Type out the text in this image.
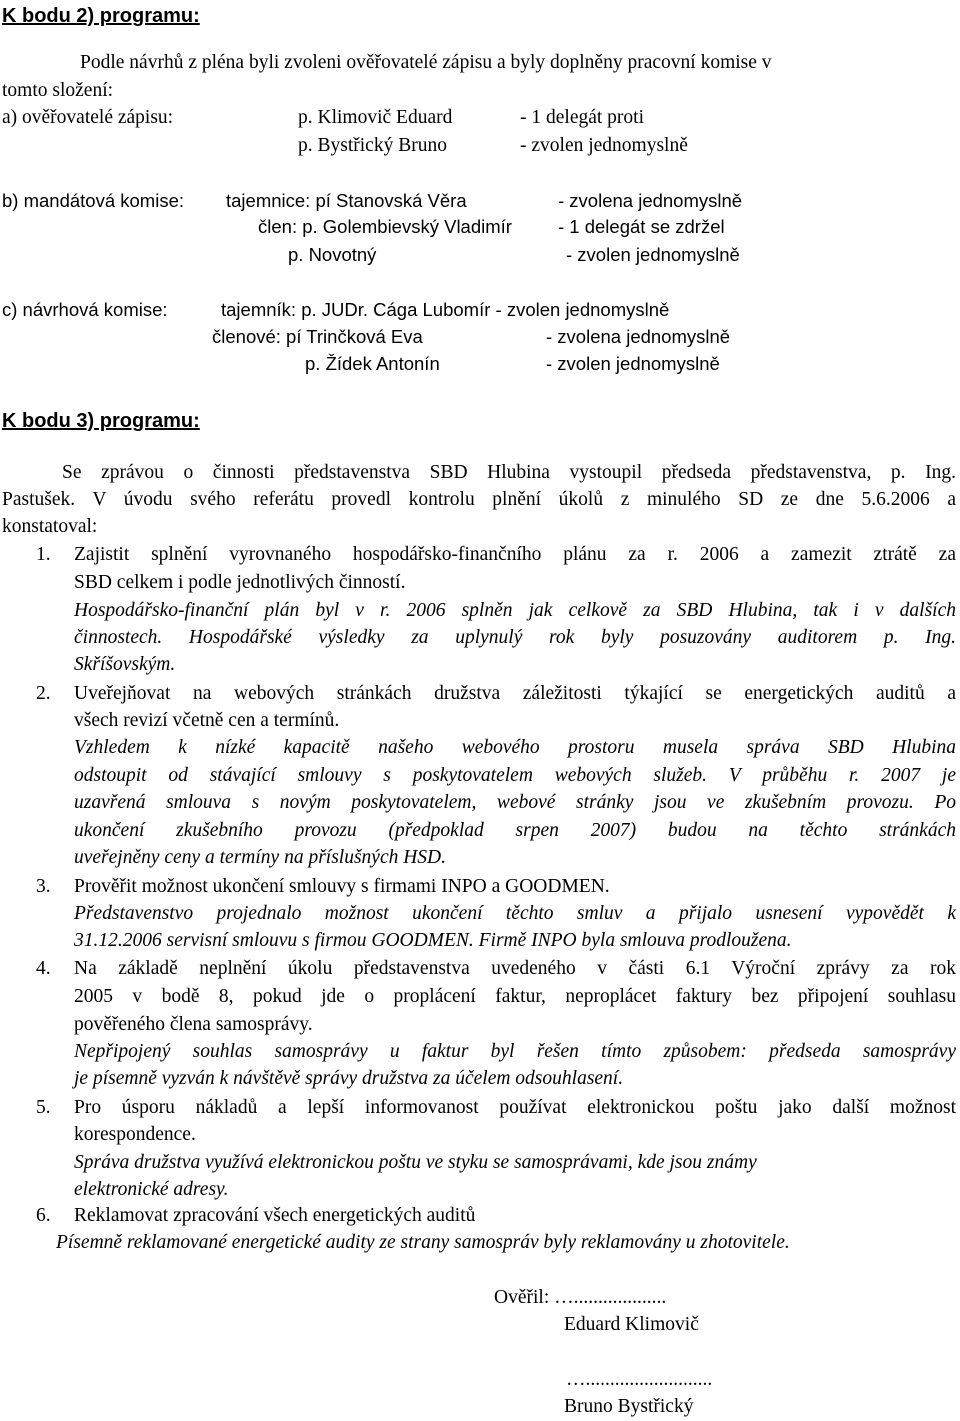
K bodu 2) programu:
Podle návrhů z pléna byli zvoleni ověřovatelé zápisu a byly doplněny pracovní komise v
tomto složení:
a) ověřovatelé zápisu:	p. Klimovič Eduard	- 1 delegát proti
p. Bystřický Bruno	- zvolen jednomyslně
b) mandátová komise: tajemnice: pí Stanovská Věra	- zvolena jednomyslně
člen: p. Golembievský Vladimír - 1 delegát se zdržel
p. Novotný	- zvolen jednomyslně
c) návrhová komise:	tajemník: p. JUDr. Cága Lubomír - zvolen jednomyslně
členové: pí Trinčková Eva	- zvolena jednomyslně
p. Žídek Antonín	- zvolen jednomyslně
K bodu 3) programu:
Se zprávou o činnosti představenstva SBD Hlubina vystoupil předseda představenstva, p. Ing.
Pastušek. V úvodu svého referátu provedl kontrolu plnění úkolů z minulého SD ze dne 5.6.2006 a
konstatoval:
1. Zajistit splnění vyrovnaného hospodářsko-finančního plánu za r. 2006 a zamezit ztrátě za
SBD celkem i podle jednotlivých činností.
Hospodářsko-finanční plán byl v r. 2006 splněn jak celkově za SBD Hlubina, tak i v dalších
činnostech. Hospodářské výsledky za uplynulý rok byly posuzovány auditorem p. Ing.
Skříšovským.
2. Uveřejňovat na webových stránkách družstva záležitosti týkající se energetických auditů a
všech revizí včetně cen a termínů.
Vzhledem k nízké kapacitě našeho webového prostoru musela správa SBD Hlubina
odstoupit od stávající smlouvy s poskytovatelem webových služeb. V průběhu r. 2007 je
uzavřená smlouva s novým poskytovatelem, webové stránky jsou ve zkušebním provozu. Po
ukončení zkušebního provozu (předpoklad srpen 2007) budou na těchto stránkách
uveřejněny ceny a termíny na příslušných HSD.
3. Prověřit možnost ukončení smlouvy s firmami INPO a GOODMEN.
Představenstvo projednalo možnost ukončení těchto smluv a přijalo usnesení vypovědět k
31.12.2006 servisní smlouvu s firmou GOODMEN. Firmě INPO byla smlouva prodloužena.
4. Na základě neplnění úkolu představenstva uvedeného v části 6.1 Výroční zprávy za rok
2005 v bodě 8, pokud jde o proplácení faktur, neproplácet faktury bez připojení souhlasu
pověřeného člena samosprávy.
Nepřipojený souhlas samosprávy u faktur byl řešen tímto způsobem: předseda samosprávy
je písemně vyzván k návštěvě správy družstva za účelem odsouhlasení.
5. Pro úsporu nákladů a lepší informovanost používat elektronickou poštu jako další možnost
korespondence.
Správa družstva využívá elektronickou poštu ve styku se samosprávami, kde jsou známy
elektronické adresy.
6. Reklamovat zpracování všech energetických auditů
Písemně reklamované energetické audity ze strany samospráv byly reklamovány u zhotovitele.
Ověřil: …...................
Eduard Klimovič
…..........................
Bruno Bystřický
